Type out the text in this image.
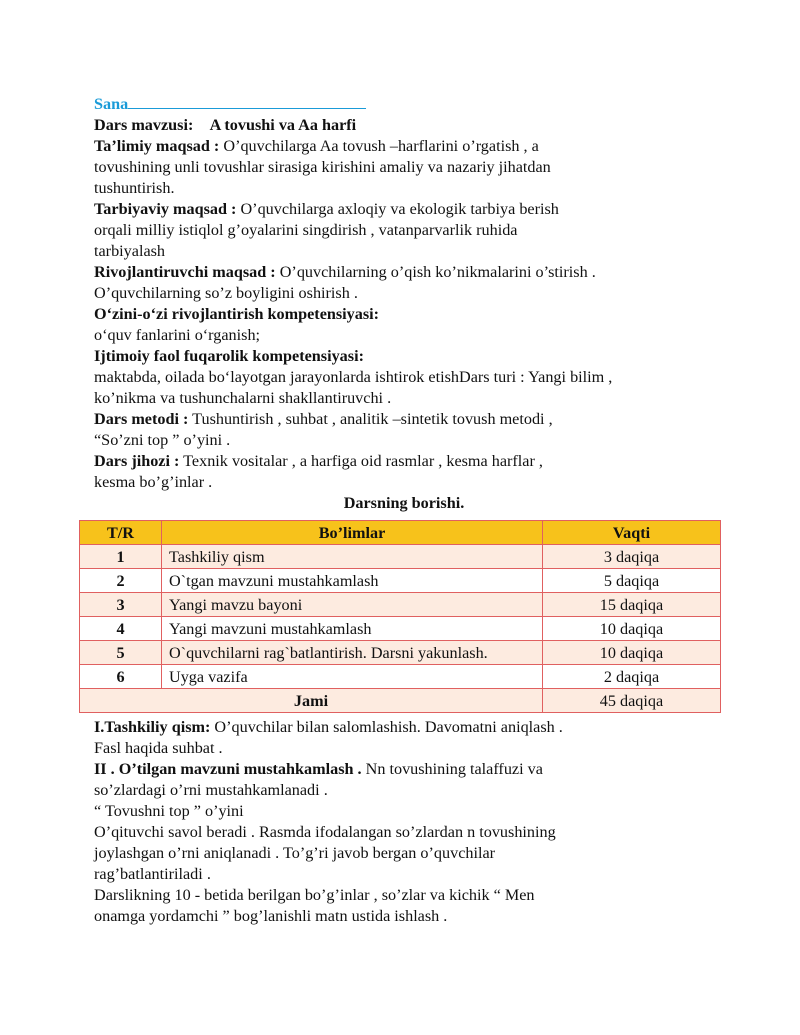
Sana

Dars mavzusi: A tovushi va Aa harfi

Ta’limiy maqsad : O’quvchilarga Aa tovush –harflarini o’rgatish , a

tovushining unli tovushlar sirasiga kirishini amaliy va nazariy jihatdan

tushuntirish.

Tarbiyaviy maqsad : O’quvchilarga axloqiy va ekologik tarbiya berish

orqali milliy istiqlol g’oyalarini singdirish , vatanparvarlik ruhida

tarbiyalash

Rivojlantiruvchi maqsad : O’quvchilarning o’qish ko’nikmalarini o’stirish .

O’quvchilarning so’z boyligini oshirish .

O‘zini-o‘zi rivojlantirish kompetensiyasi:

o‘quv fanlarini o‘rganish;

Ijtimoiy faol fuqarolik kompetensiyasi:

maktabda, oilada bo‘layotgan jarayonlarda ishtirok etishDars turi : Yangi bilim ,

ko’nikma va tushunchalarni shakllantiruvchi .

Dars metodi : Tushuntirish , suhbat , analitik –sintetik tovush metodi ,

“So’zni top ” o’yini .

Dars jihozi : Texnik vositalar , a harfiga oid rasmlar , kesma harflar ,

kesma bo’g’inlar .

Darsning borishi.

T/R	Bo’limlar	Vaqti
1	Tashkiliy qism	3 daqiqa
2	O`tgan mavzuni mustahkamlash	5 daqiqa
3	Yangi mavzu bayoni	15 daqiqa
4	Yangi mavzuni mustahkamlash	10 daqiqa
5	O`quvchilarni rag`batlantirish. Darsni yakunlash.	10 daqiqa
6	Uyga vazifa	2 daqiqa
Jami		45 daqiqa

I.Tashkiliy qism: O’quvchilar bilan salomlashish. Davomatni aniqlash .

Fasl haqida suhbat .

II . O’tilgan mavzuni mustahkamlash . Nn tovushining talaffuzi va

so’zlardagi o’rni mustahkamlanadi .

“ Tovushni top ” o’yini

O’qituvchi savol beradi . Rasmda ifodalangan so’zlardan n tovushining

joylashgan o’rni aniqlanadi . To’g’ri javob bergan o’quvchilar

rag’batlantiriladi .

Darslikning 10 - betida berilgan bo’g’inlar , so’zlar va kichik “ Men

onamga yordamchi ” bog’lanishli matn ustida ishlash .
